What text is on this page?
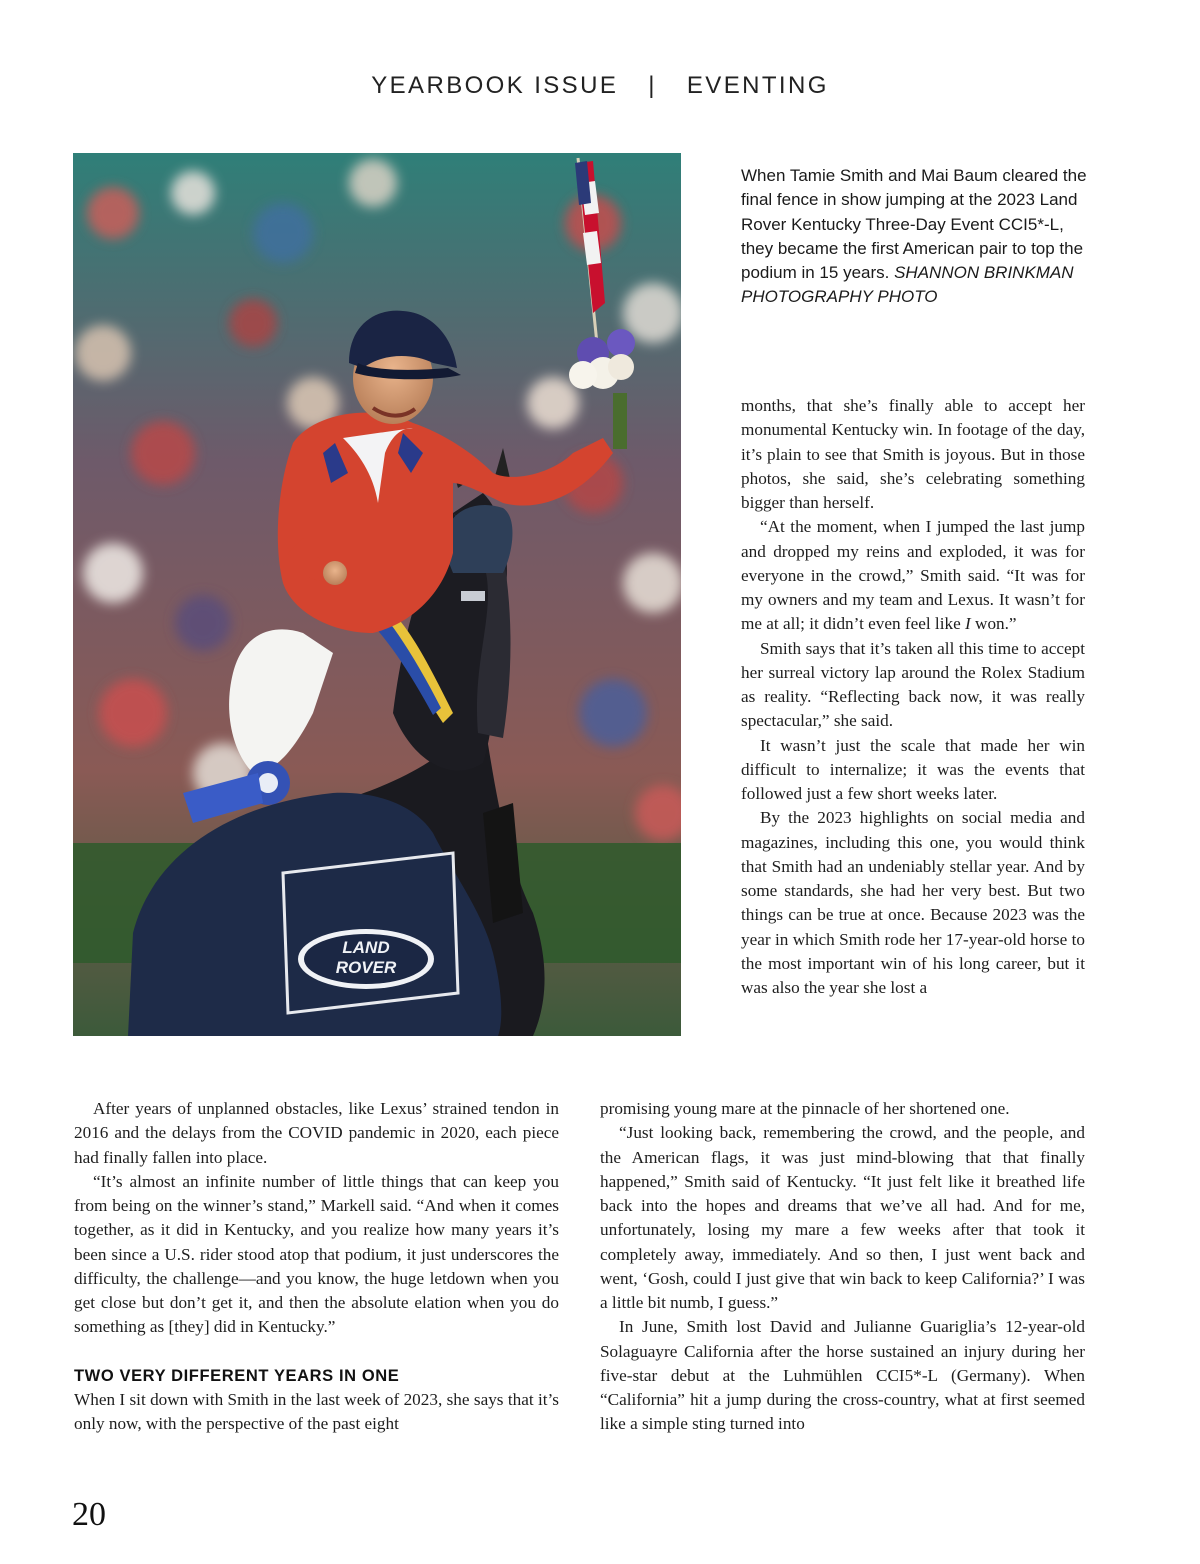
YEARBOOK ISSUE | EVENTING
LAND
ROVER
When Tamie Smith and Mai Baum cleared the final fence in show jumping at the 2023 Land Rover Kentucky Three-Day Event CCI5*-L, they became the first American pair to top the podium in 15 years. SHANNON BRINKMAN PHOTOGRAPHY PHOTO

months, that she’s finally able to accept her monumental Kentucky win. In footage of the day, it’s plain to see that Smith is joyous. But in those photos, she said, she’s celebrating something bigger than herself.

“At the moment, when I jumped the last jump and dropped my reins and exploded, it was for everyone in the crowd,” Smith said. “It was for my owners and my team and Lexus. It wasn’t for me at all; it didn’t even feel like I won.”

Smith says that it’s taken all this time to accept her surreal victory lap around the Rolex Stadium as reality. “Reflecting back now, it was really spectacular,” she said.

It wasn’t just the scale that made her win difficult to internalize; it was the events that followed just a few short weeks later.

By the 2023 highlights on social media and magazines, including this one, you would think that Smith had an undeniably stellar year. And by some standards, she had her very best. But two things can be true at once. Because 2023 was the year in which Smith rode her 17-year-old horse to the most important win of his long career, but it was also the year she lost a

promising young mare at the pinnacle of her shortened one.

“Just looking back, remembering the crowd, and the people, and the American flags, it was just mind-blowing that that finally happened,” Smith said of Kentucky. “It just felt like it breathed life back into the hopes and dreams that we’ve all had. And for me, unfortunately, losing my mare a few weeks after that took it completely away, immediately. And so then, I just went back and went, ‘Gosh, could I just give that win back to keep California?’ I was a little bit numb, I guess.”

In June, Smith lost David and Julianne Guariglia’s 12-year-old Solaguayre California after the horse sustained an injury during her five-star debut at the Luhmühlen CCI5*-L (Germany). When “California” hit a jump during the cross-country, what at first seemed like a simple sting turned into

After years of unplanned obstacles, like Lexus’ strained tendon in 2016 and the delays from the COVID pandemic in 2020, each piece had finally fallen into place.

“It’s almost an infinite number of little things that can keep you from being on the winner’s stand,” Markell said. “And when it comes together, as it did in Kentucky, and you realize how many years it’s been since a U.S. rider stood atop that podium, it just underscores the difficulty, the challenge—and you know, the huge letdown when you get close but don’t get it, and then the absolute elation when you do something as [they] did in Kentucky.”

TWO VERY DIFFERENT YEARS IN ONE

When I sit down with Smith in the last week of 2023, she says that it’s only now, with the perspective of the past eight

20
